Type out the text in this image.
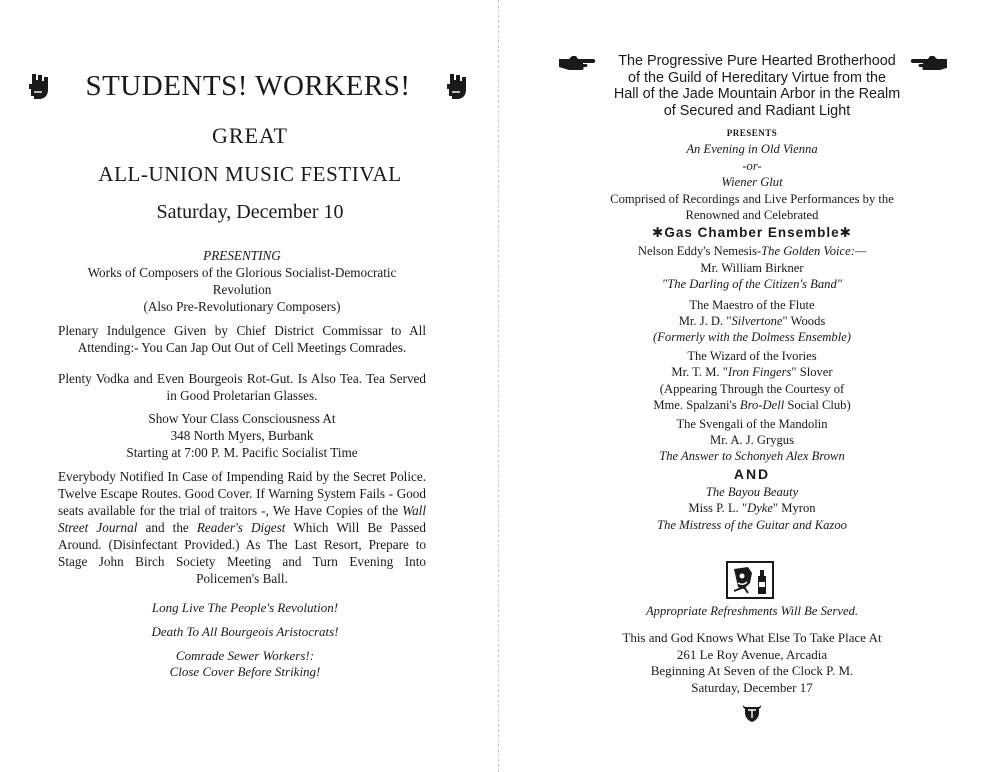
STUDENTS! WORKERS!
GREAT
ALL-UNION MUSIC FESTIVAL
Saturday, December 10
PRESENTING
Works of Composers of the Glorious Socialist-Democratic
Revolution
(Also Pre-Revolutionary Composers)
Plenary Indulgence Given by Chief District Commissar to All Attending:- You Can Jap Out Out of Cell Meetings Comrades.
Plenty Vodka and Even Bourgeois Rot-Gut. Is Also Tea. Tea Served in Good Proletarian Glasses.
Show Your Class Consciousness At
348 North Myers, Burbank
Starting at 7:00 P. M. Pacific Socialist Time
Everybody Notified In Case of Impending Raid by the Secret Police. Twelve Escape Routes. Good Cover. If Warning System Fails - Good seats available for the trial of traitors -, We Have Copies of the Wall Street Journal and the Reader's Digest Which Will Be Passed Around. (Disinfectant Provided.) As The Last Resort, Prepare to Stage John Birch Society Meeting and Turn Evening Into Policemen's Ball.

Long Live The People's Revolution!

Death To All Bourgeois Aristocrats!

Comrade Sewer Workers!:
Close Cover Before Striking!

The Progressive Pure Hearted Brotherhood
of the Guild of Hereditary Virtue from the
Hall of the Jade Mountain Arbor in the Realm
of Secured and Radiant Light
PRESENTS
An Evening in Old Vienna
-or-
Wiener Glut
Comprised of Recordings and Live Performances by the
Renowned and Celebrated
✱Gas Chamber Ensemble✱
Nelson Eddy's Nemesis-The Golden Voice:—
Mr. William Birkner
"The Darling of the Citizen's Band"
The Maestro of the Flute
Mr. J. D. "Silvertone" Woods
(Formerly with the Dolmess Ensemble)
The Wizard of the Ivories
Mr. T. M. "Iron Fingers" Slover
(Appearing Through the Courtesy of
Mme. Spalzani's Bro-Dell Social Club)
The Svengali of the Mandolin
Mr. A. J. Grygus
The Answer to Schonyeh Alex Brown
AND
The Bayou Beauty
Miss P. L. "Dyke" Myron
The Mistress of the Guitar and Kazoo
Appropriate Refreshments Will Be Served.
This and God Knows What Else To Take Place At
261 Le Roy Avenue, Arcadia
Beginning At Seven of the Clock P. M.
Saturday, December 17
